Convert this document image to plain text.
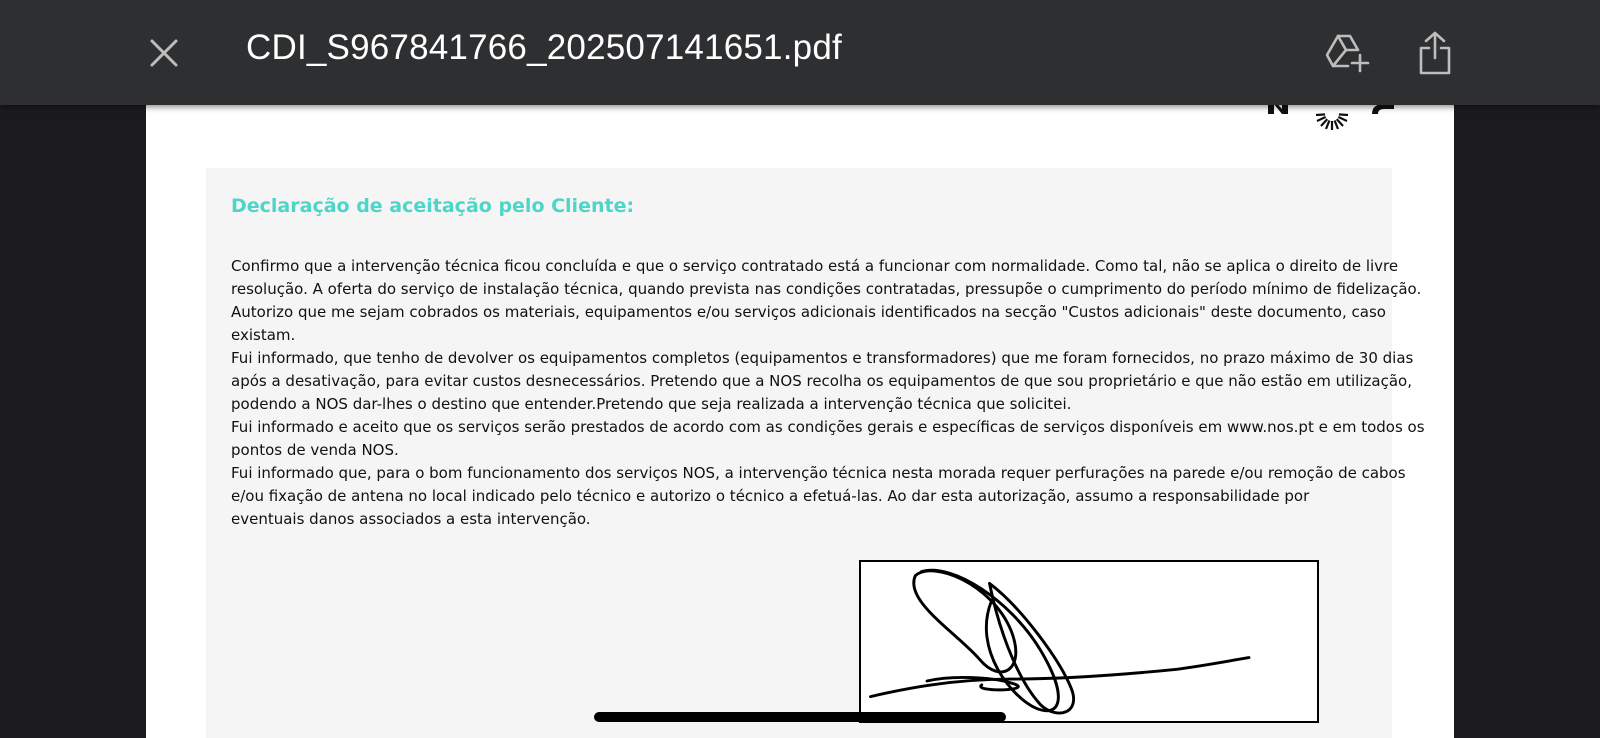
Declaração de aceitação pelo Cliente:

Confirmo que a intervenção técnica ficou concluída e que o serviço contratado está a funcionar com normalidade. Como tal, não se aplica o direito de livre

resolução. A oferta do serviço de instalação técnica, quando prevista nas condições contratadas, pressupõe o cumprimento do período mínimo de fidelização.

Autorizo que me sejam cobrados os materiais, equipamentos e/ou serviços adicionais identificados na secção "Custos adicionais" deste documento, caso

existam.

Fui informado, que tenho de devolver os equipamentos completos (equipamentos e transformadores) que me foram fornecidos, no prazo máximo de 30 dias

após a desativação, para evitar custos desnecessários. Pretendo que a NOS recolha os equipamentos de que sou proprietário e que não estão em utilização,

podendo a NOS dar-lhes o destino que entender.Pretendo que seja realizada a intervenção técnica que solicitei.

Fui informado e aceito que os serviços serão prestados de acordo com as condições gerais e específicas de serviços disponíveis em www.nos.pt e em todos os

pontos de venda NOS.

Fui informado que, para o bom funcionamento dos serviços NOS, a intervenção técnica nesta morada requer perfurações na parede e/ou remoção de cabos

e/ou fixação de antena no local indicado pelo técnico e autorizo o técnico a efetuá-las. Ao dar esta autorização, assumo a responsabilidade por

eventuais danos associados a esta intervenção.

CDI_S967841766_202507141651.pdf
